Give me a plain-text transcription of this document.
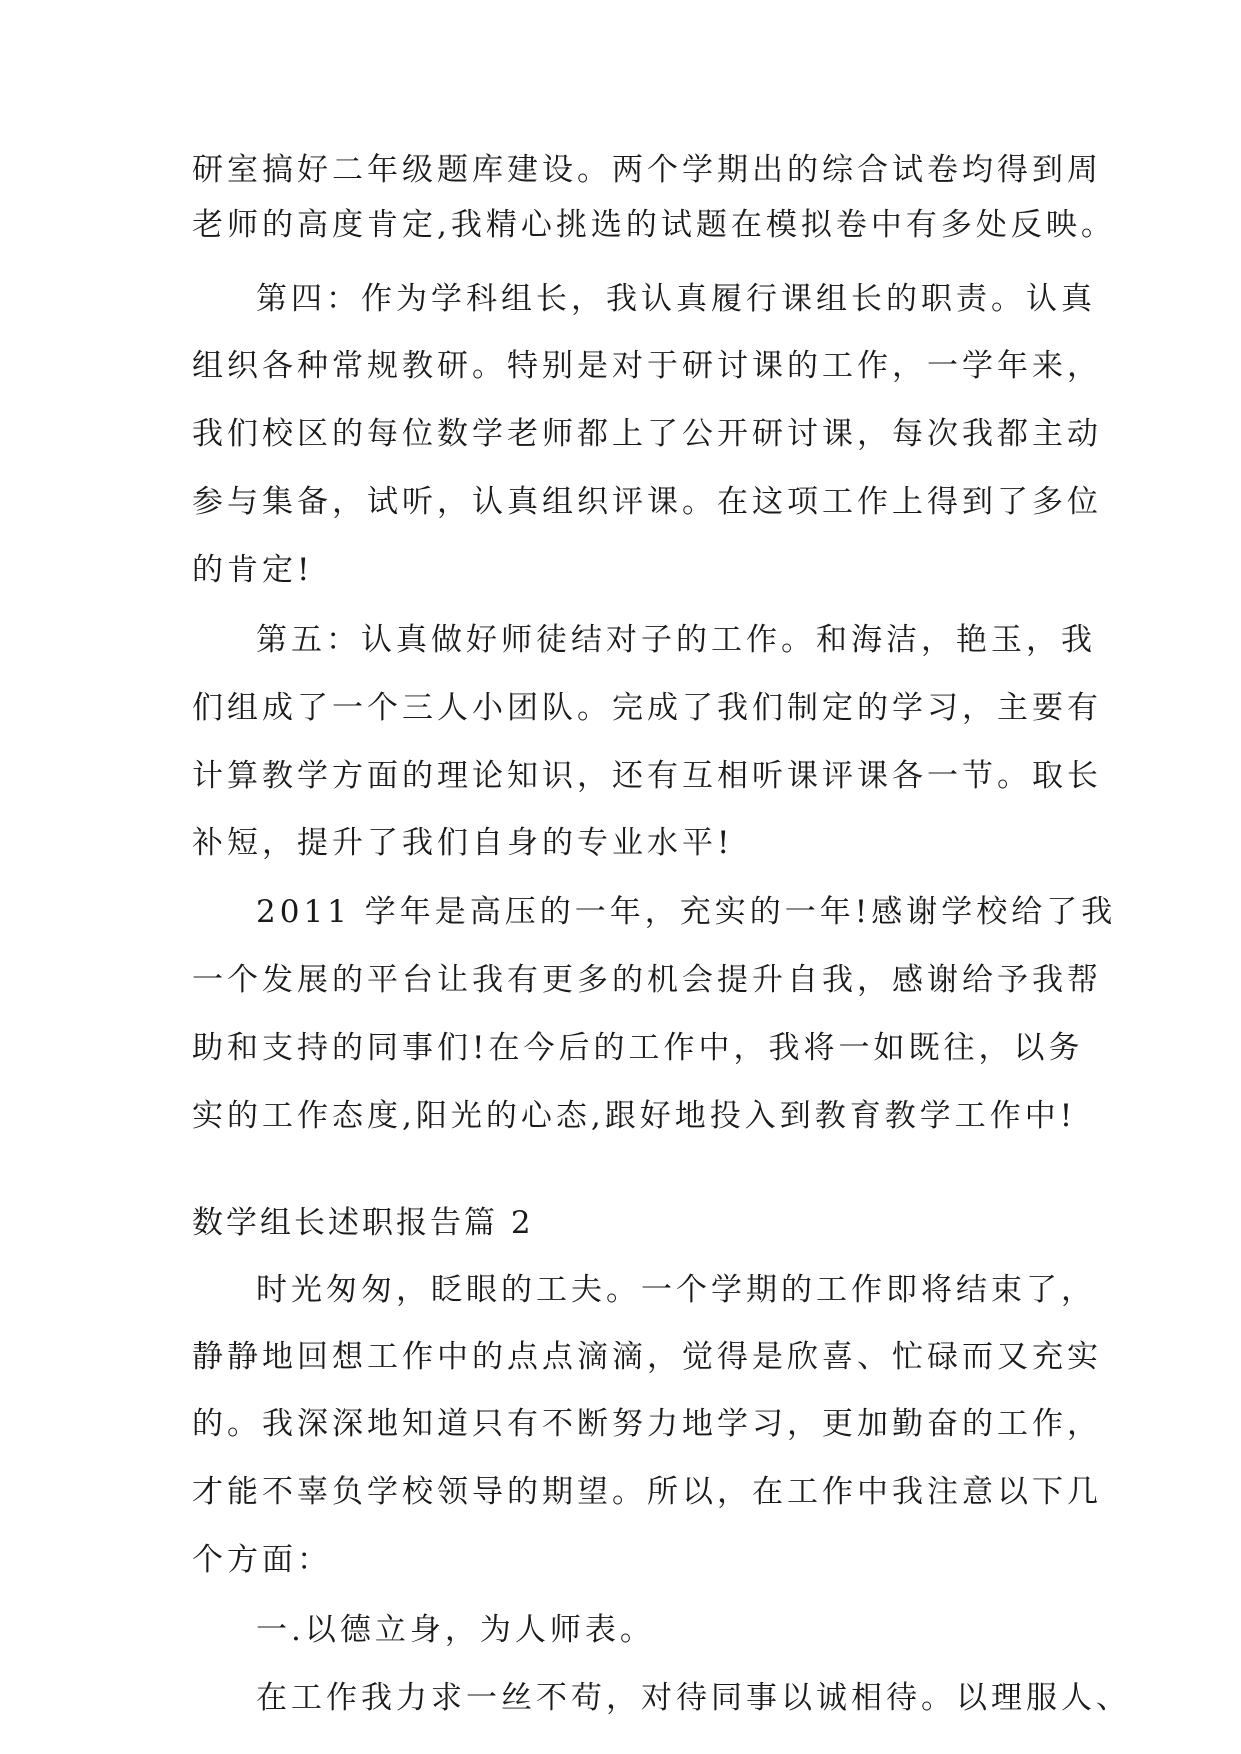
研室搞好二年级题库建设。两个学期出的综合试卷均得到周
老师的高度肯定,我精心挑选的试题在模拟卷中有多处反映。
第四：作为学科组长，我认真履行课组长的职责。认真
组织各种常规教研。特别是对于研讨课的工作，一学年来，
我们校区的每位数学老师都上了公开研讨课，每次我都主动
参与集备，试听，认真组织评课。在这项工作上得到了多位
的肯定!
第五：认真做好师徒结对子的工作。和海洁，艳玉，我
们组成了一个三人小团队。完成了我们制定的学习，主要有
计算教学方面的理论知识，还有互相听课评课各一节。取长
补短，提升了我们自身的专业水平!
2011 学年是高压的一年，充实的一年!感谢学校给了我
一个发展的平台让我有更多的机会提升自我，感谢给予我帮
助和支持的同事们!在今后的工作中，我将一如既往，以务
实的工作态度,阳光的心态,跟好地投入到教育教学工作中!
数学组长述职报告篇 2
时光匆匆，眨眼的工夫。一个学期的工作即将结束了，
静静地回想工作中的点点滴滴，觉得是欣喜、忙碌而又充实
的。我深深地知道只有不断努力地学习，更加勤奋的工作，
才能不辜负学校领导的期望。所以，在工作中我注意以下几
个方面：
一.以德立身，为人师表。
在工作我力求一丝不苟，对待同事以诚相待。以理服人、
